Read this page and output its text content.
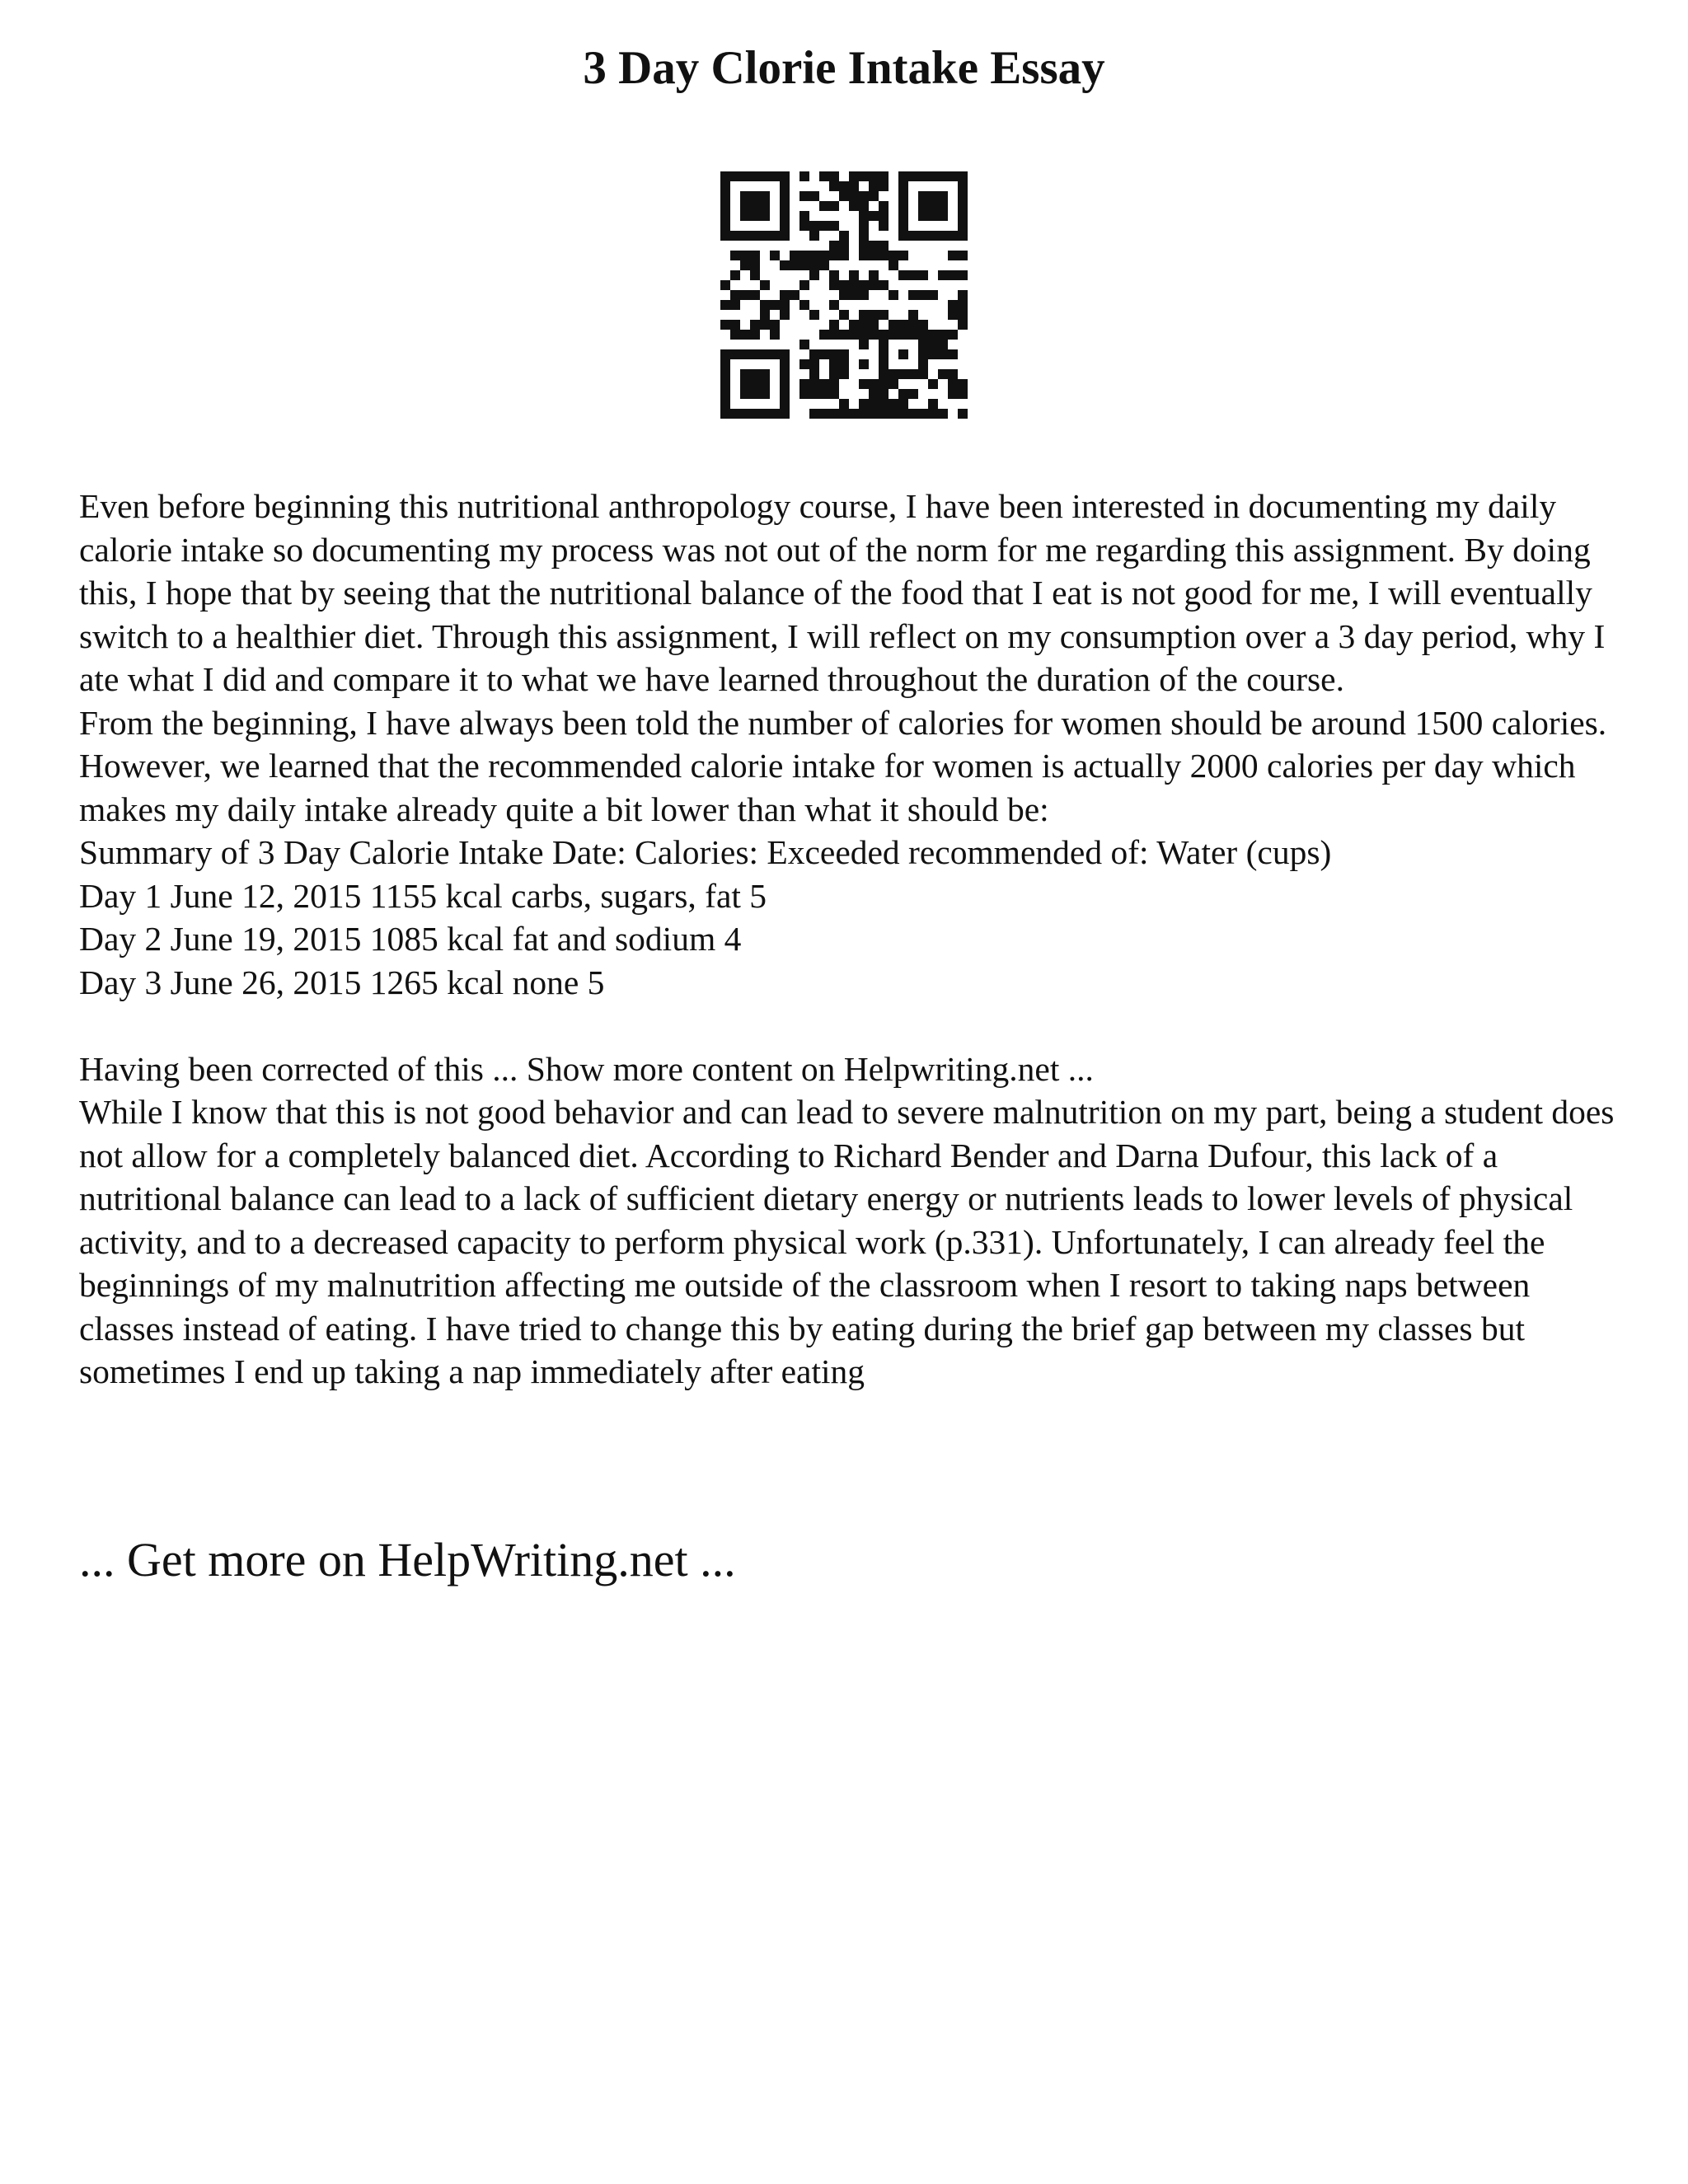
3 Day Clorie Intake Essay

Even before beginning this nutritional anthropology course, I have been interested in documenting my daily calorie intake so documenting my process was not out of the norm for me regarding this assignment. By doing this, I hope that by seeing that the nutritional balance of the food that I eat is not good for me, I will eventually switch to a healthier diet. Through this assignment, I will reflect on my consumption over a 3 day period, why I ate what I did and compare it to what we have learned throughout the duration of the course.

From the beginning, I have always been told the number of calories for women should be around 1500 calories. However, we learned that the recommended calorie intake for women is actually 2000 calories per day which makes my daily intake already quite a bit lower than what it should be:

Summary of 3 Day Calorie Intake Date: Calories: Exceeded recommended of: Water (cups)

Day 1 June 12, 2015 1155 kcal carbs, sugars, fat 5

Day 2 June 19, 2015 1085 kcal fat and sodium 4

Day 3 June 26, 2015 1265 kcal none 5

Having been corrected of this ... Show more content on Helpwriting.net ...

While I know that this is not good behavior and can lead to severe malnutrition on my part, being a student does not allow for a completely balanced diet. According to Richard Bender and Darna Dufour, this lack of a nutritional balance can lead to a lack of sufficient dietary energy or nutrients leads to lower levels of physical activity, and to a decreased capacity to perform physical work (p.331). Unfortunately, I can already feel the beginnings of my malnutrition affecting me outside of the classroom when I resort to taking naps between classes instead of eating. I have tried to change this by eating during the brief gap between my classes but sometimes I end up taking a nap immediately after eating

... Get more on HelpWriting.net ...
